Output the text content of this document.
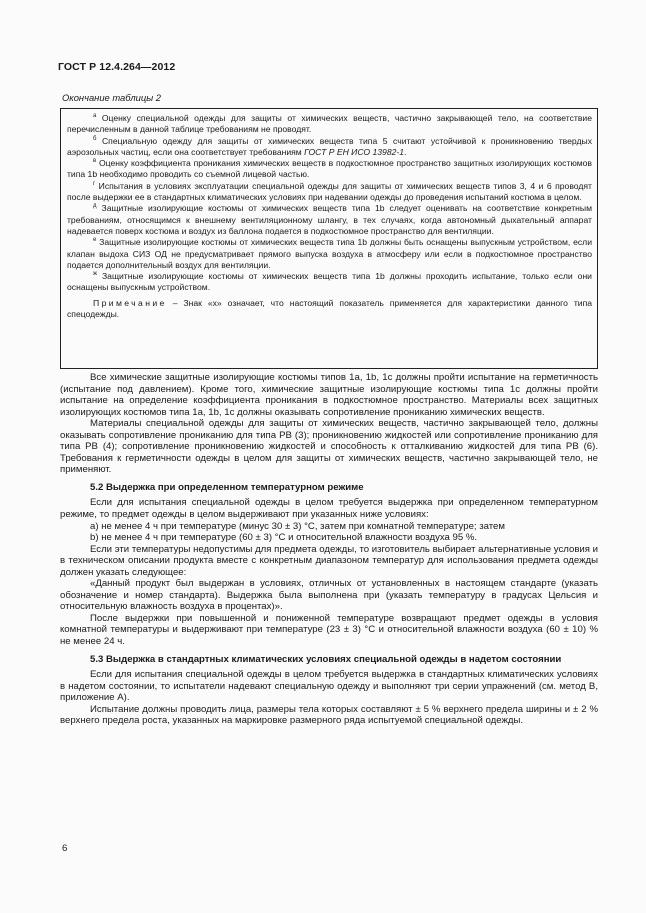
ГОСТ Р 12.4.264—2012
Окончание таблицы 2

$^а$ Оценку специальной одежды для защиты от химических веществ, частично закрывающей тело, на соответствие перечисленным в данной таблице требованиям не проводят.

$^б$ Специальную одежду для защиты от химических веществ типа 5 считают устойчивой к проникновению твердых аэрозольных частиц, если она соответствует требованиям ГОСТ Р ЕН ИСО 13982-1.

$^в$ Оценку коэффициента проникания химических веществ в подкостюмное пространство защитных изолирующих костюмов типа 1b необходимо проводить со съемной лицевой частью.

$^г$ Испытания в условиях эксплуатации специальной одежды для защиты от химических веществ типов 3, 4 и 6 проводят после выдержки ее в стандартных климатических условиях при надевании одежды до проведения испытаний костюма в целом.

$^д$ Защитные изолирующие костюмы от химических веществ типа 1b следует оценивать на соответствие конкретным требованиям, относящимся к внешнему вентиляционному шлангу, в тех случаях, когда автономный дыхательный аппарат надевается поверх костюма и воздух из баллона подается в подкостюмное пространство для вентиляции.

$^е$ Защитные изолирующие костюмы от химических веществ типа 1b должны быть оснащены выпускным устройством, если клапан выдоха СИЗ ОД не предусматривает прямого выпуска воздуха в атмосферу или если в подкостюмное пространство подается дополнительный воздух для вентиляции.

$^ж$ Защитные изолирующие костюмы от химических веществ типа 1b должны проходить испытание, только если они оснащены выпускным устройством.

Примечание – Знак «х» означает, что настоящий показатель применяется для характеристики данного типа спецодежды.

Все химические защитные изолирующие костюмы типов 1а, 1b, 1с должны пройти испытание на герметичность (испытание под давлением). Кроме того, химические защитные изолирующие костюмы типа 1с должны пройти испытание на определение коэффициента проникания в подкостюмное пространство. Материалы всех защитных изолирующих костюмов типа 1а, 1b, 1с должны оказывать сопротивление прониканию химических веществ.

Материалы специальной одежды для защиты от химических веществ, частично закрывающей тело, должны оказывать сопротивление прониканию для типа РВ (3); проникновению жидкостей или сопротивление прониканию для типа РВ (4); сопротивление проникновению жидкостей и способность к отталкиванию жидкостей для типа РВ (6). Требования к герметичности одежды в целом для защиты от химических веществ, частично закрывающей тело, не применяют.

5.2 Выдержка при определенном температурном режиме

Если для испытания специальной одежды в целом требуется выдержка при определенном температурном режиме, то предмет одежды в целом выдерживают при указанных ниже условиях:

а) не менее 4 ч при температуре (минус 30 ± 3) °С, затем при комнатной температуре; затем

b) не менее 4 ч при температуре (60 ± 3) °С и относительной влажности воздуха 95 %.

Если эти температуры недопустимы для предмета одежды, то изготовитель выбирает альтернативные условия и в техническом описании продукта вместе с конкретным диапазоном температур для использования предмета одежды должен указать следующее:

«Данный продукт был выдержан в условиях, отличных от установленных в настоящем стандарте (указать обозначение и номер стандарта). Выдержка была выполнена при (указать температуру в градусах Цельсия и относительную влажность воздуха в процентах)».

После выдержки при повышенной и пониженной температуре возвращают предмет одежды в условия комнатной температуры и выдерживают при температуре (23 ± 3) °С и относительной влажности воздуха (60 ± 10) % не менее 24 ч.

5.3 Выдержка в стандартных климатических условиях специальной одежды в надетом состоянии

Если для испытания специальной одежды в целом требуется выдержка в стандартных климатических условиях в надетом состоянии, то испытатели надевают специальную одежду и выполняют три серии упражнений (см. метод В, приложение А).

Испытание должны проводить лица, размеры тела которых составляют ± 5 % верхнего предела ширины и ± 2 % верхнего предела роста, указанных на маркировке размерного ряда испытуемой специальной одежды.

6
